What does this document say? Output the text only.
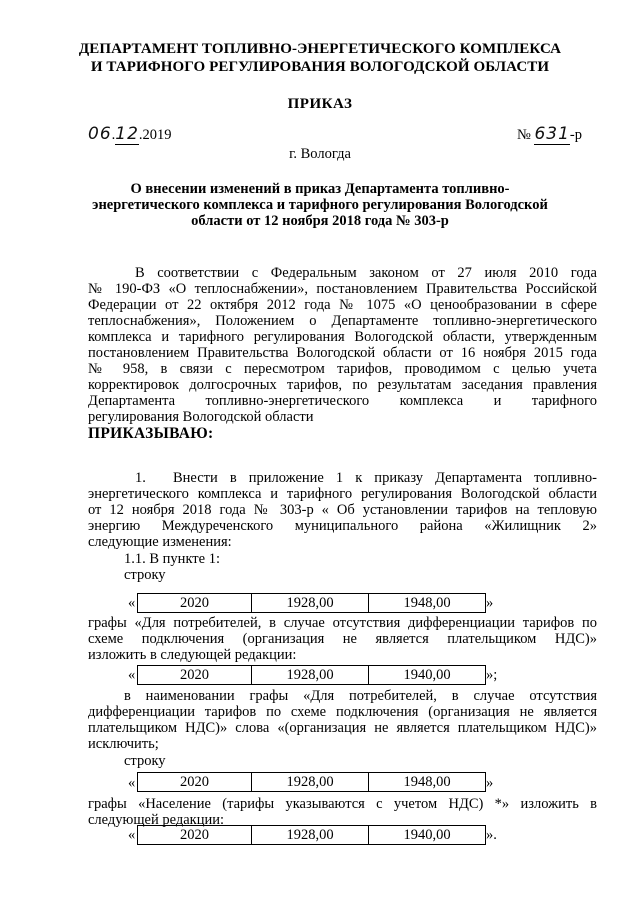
ДЕПАРТАМЕНТ ТОПЛИВНО-ЭНЕРГЕТИЧЕСКОГО КОМПЛЕКСА
И ТАРИФНОГО РЕГУЛИРОВАНИЯ ВОЛОГОДСКОЙ ОБЛАСТИ
ПРИКАЗ
06.12.2019	№ 631-р
г. Вологда
О внесении изменений в приказ Департамента топливно-
энергетического комплекса и тарифного регулирования Вологодской
области от 12 ноября 2018 года № 303-р
В соответствии с Федеральным законом от 27 июля 2010 года
№ 190-ФЗ «О теплоснабжении», постановлением Правительства Российской
Федерации от 22 октября 2012 года № 1075 «О ценообразовании в сфере
теплоснабжения», Положением о Департаменте топливно-энергетического
комплекса и тарифного регулирования Вологодской области, утвержденным
постановлением Правительства Вологодской области от 16 ноября 2015 года
№ 958, в связи с пересмотром тарифов, проводимом с целью учета
корректировок долгосрочных тарифов, по результатам заседания правления
Департамента топливно-энергетического комплекса и тарифного
регулирования Вологодской области
ПРИКАЗЫВАЮ:
1. Внести в приложение 1 к приказу Департамента топливно-
энергетического комплекса и тарифного регулирования Вологодской области
от 12 ноября 2018 года № 303-р « Об установлении тарифов на тепловую
энергию Междуреченского муниципального района «Жилищник 2»
следующие изменения:
1.1. В пункте 1:
строку
«	2020	1928,00	1948,00 »
графы «Для потребителей, в случае отсутствия дифференциации тарифов по
схеме подключения (организация не является плательщиком НДС)»
изложить в следующей редакции:
«	2020	1928,00	1940,00 »;
в наименовании графы «Для потребителей, в случае отсутствия
дифференциации тарифов по схеме подключения (организация не является
плательщиком НДС)» слова «(организация не является плательщиком НДС)»
исключить;
строку
«	2020	1928,00	1948,00 »
графы «Население (тарифы указываются с учетом НДС) *» изложить в
следующей редакции:
«	2020	1928,00	1940,00 ».
